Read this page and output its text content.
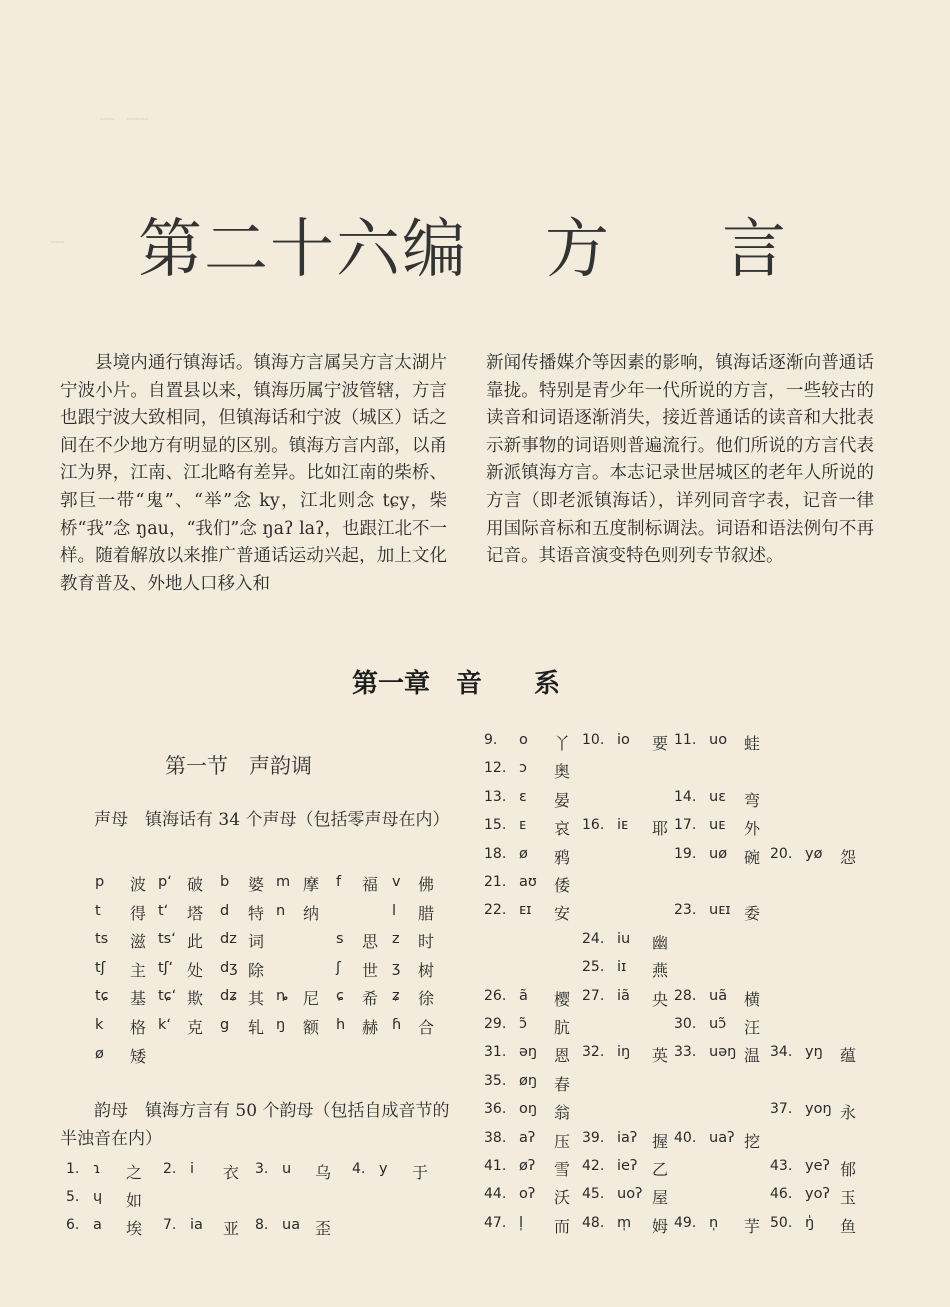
┈┈　┈┈┈
┈┈ 第二十六编 方 言

县境内通行镇海话。镇海方言属吴方言太湖片宁波小片。自置县以来，镇海历属宁波管辖，方言也跟宁波大致相同，但镇海话和宁波（城区）话之间在不少地方有明显的区别。镇海方言内部，以甬江为界，江南、江北略有差异。比如江南的柴桥、郭巨一带“鬼”、“举”念 ky，江北则念 tɕy，柴桥“我”念 ŋau，“我们”念 ŋaʔ laʔ，也跟江北不一样。随着解放以来推广普通话运动兴起，加上文化教育普及、外地人口移入和

新闻传播媒介等因素的影响，镇海话逐渐向普通话靠拢。特别是青少年一代所说的方言，一些较古的读音和词语逐渐消失，接近普通话的读音和大批表示新事物的词语则普遍流行。他们所说的方言代表新派镇海方言。本志记录世居城区的老年人所说的方言（即老派镇海话），详列同音字表，记音一律用国际音标和五度制标调法。词语和语法例句不再记音。其语音演变特色则列专节叙述。

第一章　音　　系
第一节　声韵调
声母　镇海话有 34 个声母（包括零声母在内）
p 波 pʻ 破 b 婆 m 摩 f 福 v 佛
t 得 tʻ 塔 d 特 n 纳	l 腊
ts 滋 tsʻ 此 dz 词	s 思 z 时
tʃ 主 tʃʻ 处 dʒ 除	ʃ 世 ʒ 树
tɕ 基 tɕʻ 欺 dʑ 其 ȵ 尼 ɕ 希 ʑ 徐
k 格 kʻ 克 g 轧 ŋ 额 h 赫 ɦ 合
ø 矮
韵母　镇海方言有 50 个韵母（包括自成音节的半浊音在内）
1. ɿ 之 2. i 衣 3. u 乌 4. y 于
5. ɥ 如
6. a 埃 7. ia 亚 8. ua 歪
9. o 丫 10. io 要 11. uo 蛙
12. ɔ 奥
13. ɛ 晏	14. uɛ 弯
15. ᴇ 哀 16. iᴇ 耶 17. uᴇ 外
18. ø 鸦	19. uø 碗 20. yø 怨
21. aʊ 倭
22. ᴇɪ 安	23. uᴇɪ 委
24. iu 幽
25. iɪ 燕
26. ã 樱 27. iã 央 28. uã 横
29. ɔ̃ 肮	30. uɔ̃ 汪
31. əŋ 恩 32. iŋ 英 33. uəŋ 温 34. yŋ 蕴
35. øŋ 春
36. oŋ 翁	37. yoŋ 永
38. aʔ 压 39. iaʔ 握 40. uaʔ 挖
41. øʔ 雪 42. ieʔ 乙	43. yeʔ 郁
44. oʔ 沃 45. uoʔ 屋	46. yoʔ 玉
47. l̩ 而 48. m̩ 姆 49. n̩ 芋 50. ŋ̍ 鱼
